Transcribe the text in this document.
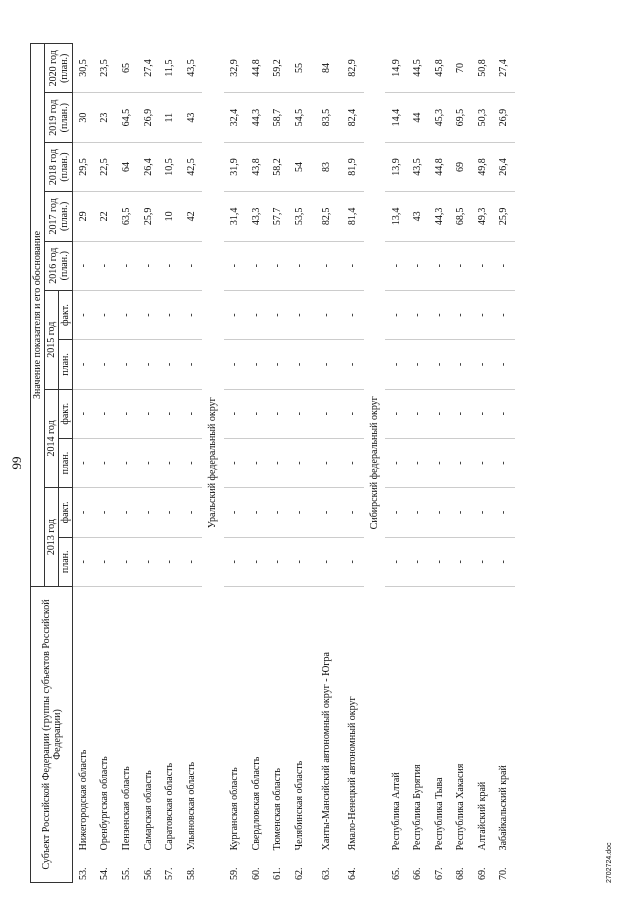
99
Субъект Российской Федерации (группы субъектов Российской Федерации)		Значение показателя и его обоснование										
		2013 год		2014 год		2015 год		2016 год (план.)	2017 год (план.)	2018 год (план.)	2019 год (план.)	2020 год (план.)
		план.	факт.	план.	факт.	план.	факт.					
53.	Нижегородская область	-	-	-	-	-	-	-	29	29,5	30	30,5
54.	Оренбургская область	-	-	-	-	-	-	-	22	22,5	23	23,5
55.	Пензенская область	-	-	-	-	-	-	-	63,5	64	64,5	65
56.	Самарская область	-	-	-	-	-	-	-	25,9	26,4	26,9	27,4
57.	Саратовская область	-	-	-	-	-	-	-	10	10,5	11	11,5
58.	Ульяновская область	-	-	-	-	-	-	-	42	42,5	43	43,5
Уральский федеральный округ												
59.	Курганская область	-	-	-	-	-	-	-	31,4	31,9	32,4	32,9
60.	Свердловская область	-	-	-	-	-	-	-	43,3	43,8	44,3	44,8
61.	Тюменская область	-	-	-	-	-	-	-	57,7	58,2	58,7	59,2
62.	Челябинская область	-	-	-	-	-	-	-	53,5	54	54,5	55
63.	Ханты-Мансийский автономный округ - Югра	-	-	-	-	-	-	-	82,5	83	83,5	84
64.	Ямало-Ненецкий автономный округ	-	-	-	-	-	-	-	81,4	81,9	82,4	82,9
Сибирский федеральный округ												
65.	Республика Алтай	-	-	-	-	-	-	-	13,4	13,9	14,4	14,9
66.	Республика Бурятия	-	-	-	-	-	-	-	43	43,5	44	44,5
67.	Республика Тыва	-	-	-	-	-	-	-	44,3	44,8	45,3	45,8
68.	Республика Хакасия	-	-	-	-	-	-	-	68,5	69	69,5	70
69.	Алтайский край	-	-	-	-	-	-	-	49,3	49,8	50,3	50,8
70.	Забайкальский край	-	-	-	-	-	-	-	25,9	26,4	26,9	27,4
2702724.doc
